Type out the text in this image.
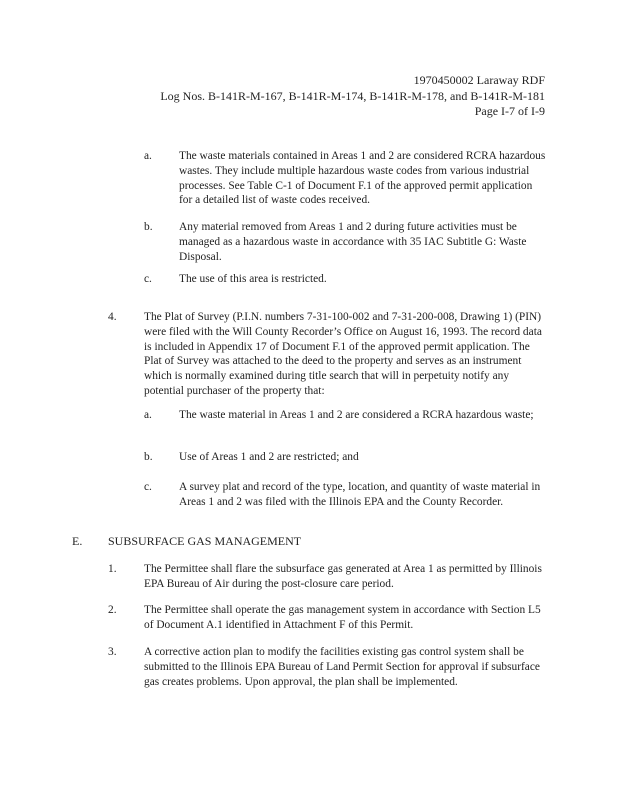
1970450002 Laraway RDF
Log Nos. B-141R-M-167, B-141R-M-174, B-141R-M-178, and B-141R-M-181
Page I-7 of I-9
a. The waste materials contained in Areas 1 and 2 are considered RCRA hazardous wastes. They include multiple hazardous waste codes from various industrial processes. See Table C-1 of Document F.1 of the approved permit application for a detailed list of waste codes received.
b. Any material removed from Areas 1 and 2 during future activities must be managed as a hazardous waste in accordance with 35 IAC Subtitle G: Waste Disposal.
c. The use of this area is restricted.
4. The Plat of Survey (P.I.N. numbers 7-31-100-002 and 7-31-200-008, Drawing 1) (PIN) were filed with the Will County Recorder’s Office on August 16, 1993. The record data is included in Appendix 17 of Document F.1 of the approved permit application. The Plat of Survey was attached to the deed to the property and serves as an instrument which is normally examined during title search that will in perpetuity notify any potential purchaser of the property that:
a. The waste material in Areas 1 and 2 are considered a RCRA hazardous waste;
b. Use of Areas 1 and 2 are restricted; and
c. A survey plat and record of the type, location, and quantity of waste material in Areas 1 and 2 was filed with the Illinois EPA and the County Recorder.
E. SUBSURFACE GAS MANAGEMENT
1. The Permittee shall flare the subsurface gas generated at Area 1 as permitted by Illinois EPA Bureau of Air during the post-closure care period.
2. The Permittee shall operate the gas management system in accordance with Section L5 of Document A.1 identified in Attachment F of this Permit.
3. A corrective action plan to modify the facilities existing gas control system shall be submitted to the Illinois EPA Bureau of Land Permit Section for approval if subsurface gas creates problems. Upon approval, the plan shall be implemented.
